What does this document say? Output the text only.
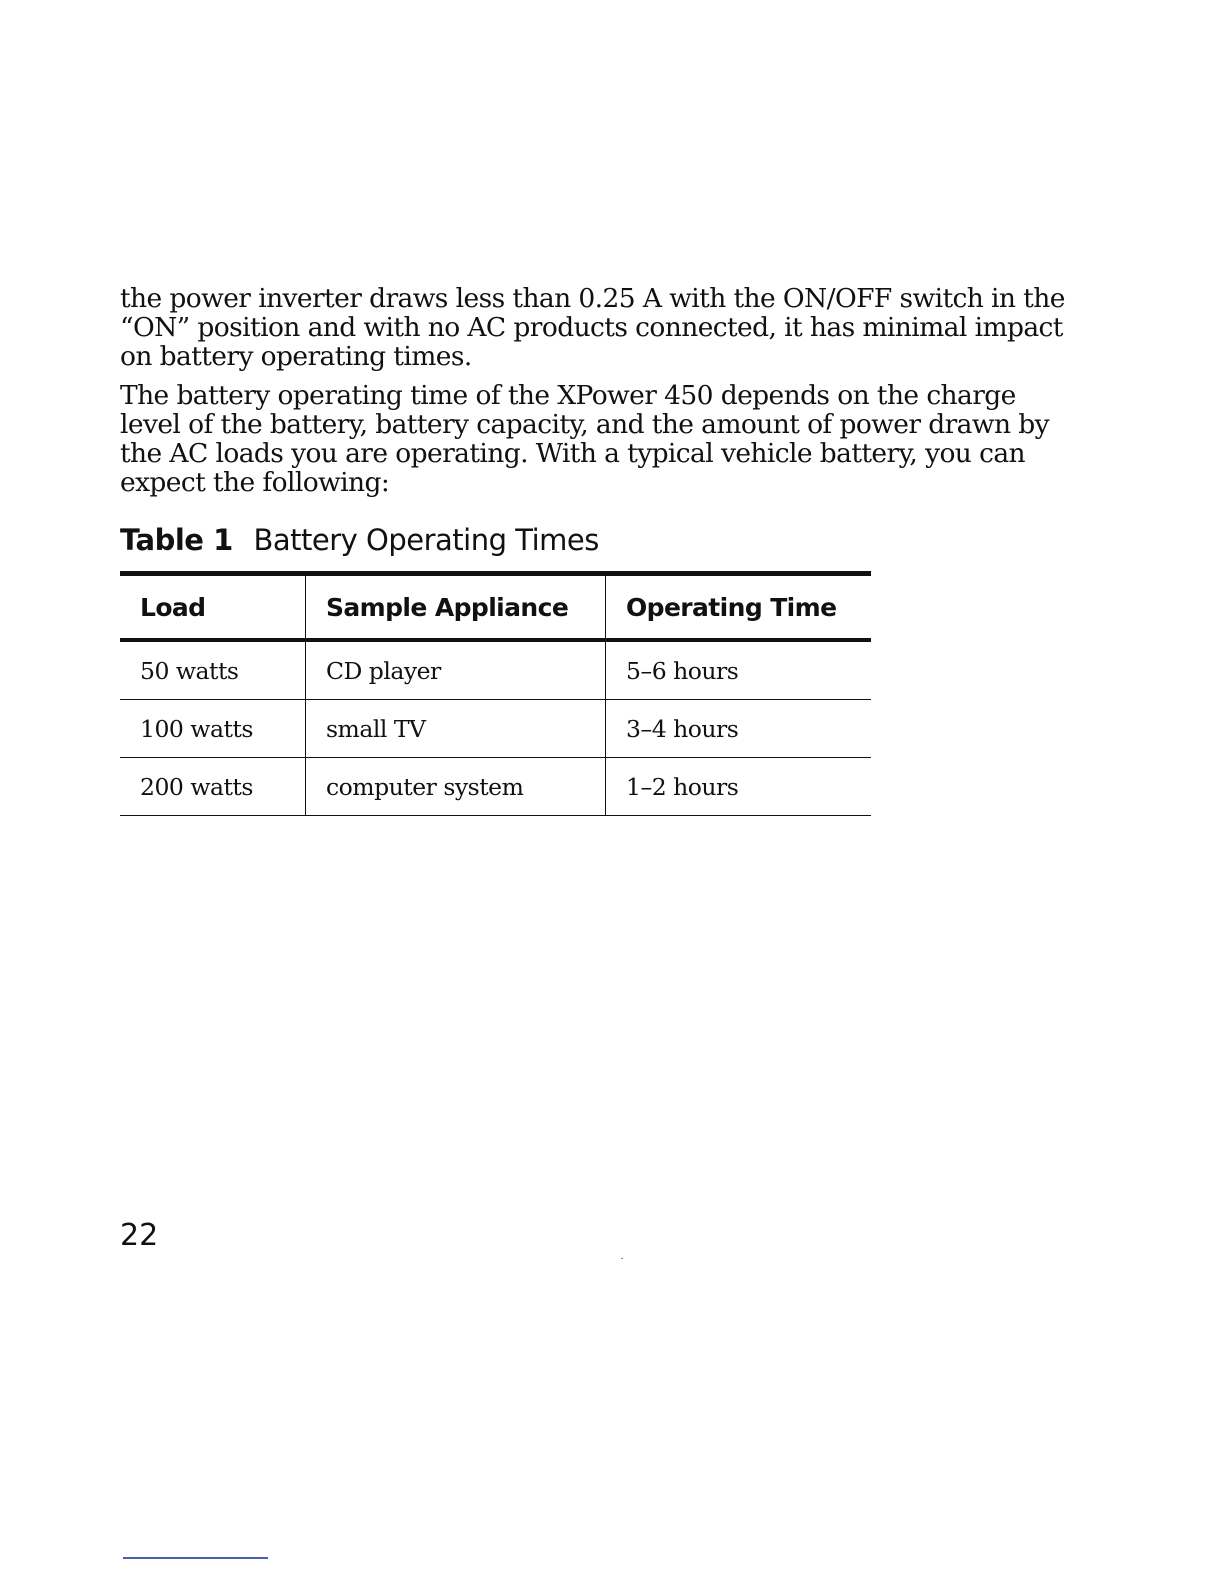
the power inverter draws less than 0.25 A with the ON/OFF switch in the
“ON” position and with no AC products connected, it has minimal impact
on battery operating times.

The battery operating time of the XPower 450 depends on the charge
level of the battery, battery capacity, and the amount of power drawn by
the AC loads you are operating. With a typical vehicle battery, you can
expect the following:

Table 1 Battery Operating Times
Load	Sample Appliance	Operating Time
50 watts	CD player	5–6 hours
100 watts	small TV	3–4 hours
200 watts	computer system	1–2 hours
22
